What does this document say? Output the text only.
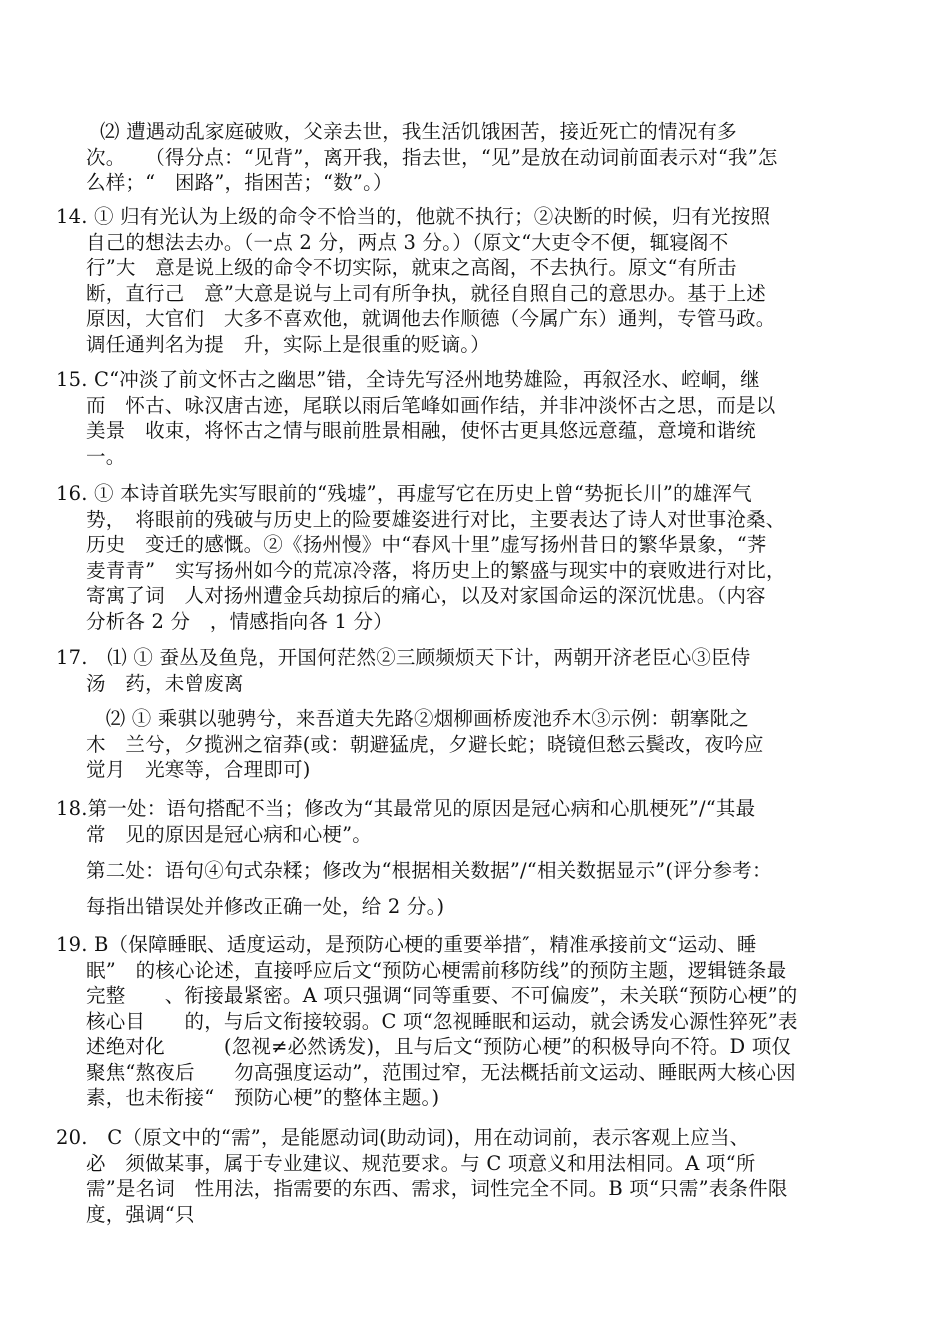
⑵ 遭遇动乱家庭破败，父亲去世，我生活饥饿困苦，接近死亡的情况有多
次。　　（得分点：“见背”，离开我，指去世，“见”是放在动词前面表示对“我”怎
么样；“　困路”，指困苦；“数”。）
14. ① 归有光认为上级的命令不恰当的，他就不执行；②决断的时候，归有光按照
自己的想法去办。（一点 2 分，两点 3 分。）（原文“大吏令不便，辄寝阁不
行”大　意是说上级的命令不切实际，就束之高阁，不去执行。原文“有所击
断，直行己　意”大意是说与上司有所争执，就径自照自己的意思办。基于上述
原因，大官们　大多不喜欢他，就调他去作顺德（今属广东）通判，专管马政。
调任通判名为提　升，实际上是很重的贬谪。）
15. C“冲淡了前文怀古之幽思”错，全诗先写泾州地势雄险，再叙泾水、崆峒，继
而　怀古、咏汉唐古迹，尾联以雨后笔峰如画作结，并非冲淡怀古之思，而是以
美景　收束，将怀古之情与眼前胜景相融，使怀古更具悠远意蕴，意境和谐统
一。
16. ① 本诗首联先实写眼前的“残墟”，再虚写它在历史上曾“势扼长川”的雄浑气
势，　将眼前的残破与历史上的险要雄姿进行对比，主要表达了诗人对世事沧桑、
历史　变迁的感慨。②《扬州慢》中“春风十里”虚写扬州昔日的繁华景象，“荠
麦青青”　实写扬州如今的荒凉冷落，将历史上的繁盛与现实中的衰败进行对比，
寄寓了词　人对扬州遭金兵劫掠后的痛心，以及对家国命运的深沉忧患。（内容
分析各 2 分　，情感指向各 1 分）
17.　⑴ ① 蚕丛及鱼凫，开国何茫然②三顾频烦天下计，两朝开济老臣心③臣侍
汤　药，未曾废离
　⑵ ① 乘骐以驰骋兮，来吾道夫先路②烟柳画桥废池乔木③示例：朝搴阰之
木　兰兮，夕揽洲之宿莽(或：朝避猛虎，夕避长蛇；晓镜但愁云鬓改，夜吟应
觉月　光寒等，合理即可)
18.第一处：语句搭配不当；修改为“其最常见的原因是冠心病和心肌梗死”/“其最
常　见的原因是冠心病和心梗”。
第二处：语句④句式杂糅；修改为“根据相关数据”/“相关数据显示”(评分参考：
每指出错误处并修改正确一处，给 2 分。)
19. B（保障睡眠、适度运动，是预防心梗的重要举措″，精准承接前文“运动、睡
眠”　的核心论述，直接呼应后文“预防心梗需前移防线”的预防主题，逻辑链条最
完整　　、衔接最紧密。A 项只强调“同等重要、不可偏废”，未关联“预防心梗”的
核心目　　的，与后文衔接较弱。C 项“忽视睡眠和运动，就会诱发心源性猝死”表
述绝对化　　　(忽视≠必然诱发)，且与后文“预防心梗”的积极导向不符。D 项仅
聚焦“熬夜后　　勿高强度运动”，范围过窄，无法概括前文运动、睡眠两大核心因
素，也未衔接“　预防心梗”的整体主题。)
20.　C（原文中的“需”，是能愿动词(助动词)，用在动词前，表示客观上应当、
必　须做某事，属于专业建议、规范要求。与 C 项意义和用法相同。A 项“所
需”是名词　性用法，指需要的东西、需求，词性完全不同。B 项“只需”表条件限
度，强调“只
